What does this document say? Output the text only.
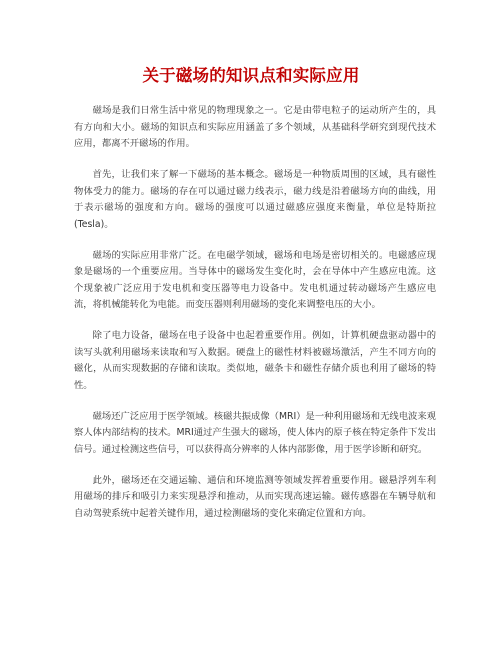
关于磁场的知识点和实际应用

磁场是我们日常生活中常见的物理现象之一。它是由带电粒子的运动所产生的，具有方向和大小。磁场的知识点和实际应用涵盖了多个领域，从基础科学研究到现代技术应用，都离不开磁场的作用。

首先，让我们来了解一下磁场的基本概念。磁场是一种物质周围的区域，具有磁性物体受力的能力。磁场的存在可以通过磁力线表示，磁力线是沿着磁场方向的曲线，用于表示磁场的强度和方向。磁场的强度可以通过磁感应强度来衡量，单位是特斯拉(Tesla)。

磁场的实际应用非常广泛。在电磁学领域，磁场和电场是密切相关的。电磁感应现象是磁场的一个重要应用。当导体中的磁场发生变化时，会在导体中产生感应电流。这个现象被广泛应用于发电机和变压器等电力设备中。发电机通过转动磁场产生感应电流，将机械能转化为电能。而变压器则利用磁场的变化来调整电压的大小。

除了电力设备，磁场在电子设备中也起着重要作用。例如，计算机硬盘驱动器中的读写头就利用磁场来读取和写入数据。硬盘上的磁性材料被磁场激活，产生不同方向的磁化，从而实现数据的存储和读取。类似地，磁条卡和磁性存储介质也利用了磁场的特性。

磁场还广泛应用于医学领域。核磁共振成像（MRI）是一种利用磁场和无线电波来观察人体内部结构的技术。MRI通过产生强大的磁场，使人体内的原子核在特定条件下发出信号。通过检测这些信号，可以获得高分辨率的人体内部影像，用于医学诊断和研究。

此外，磁场还在交通运输、通信和环境监测等领域发挥着重要作用。磁悬浮列车利用磁场的排斥和吸引力来实现悬浮和推动，从而实现高速运输。磁传感器在车辆导航和自动驾驶系统中起着关键作用，通过检测磁场的变化来确定位置和方向。
